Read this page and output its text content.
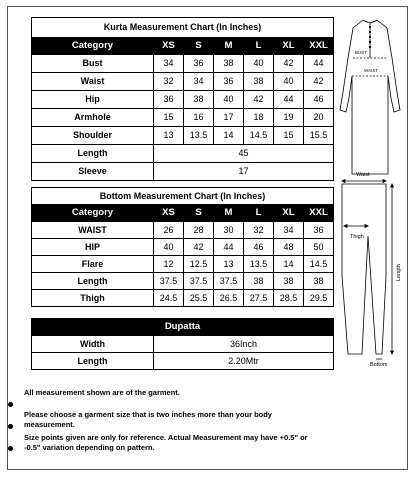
Kurta Measurement Chart (In Inches)						
Category	XS	S	M	L	XL	XXL
Bust	34	36	38	40	42	44
Waist	32	34	36	38	40	42
Hip	36	38	40	42	44	46
Armhole	15	16	17	18	19	20
Shoulder	13	13.5	14	14.5	15	15.5
Length	45					
Sleeve	17					
Bottom Measurement Chart (In Inches)						
Category	XS	S	M	L	XL	XXL
WAIST	26	28	30	32	34	36
HIP	40	42	44	46	48	50
Flare	12	12.5	13	13.5	14	14.5
Length	37.5	37.5	37.5	38	38	38
Thigh	24.5	25.5	26.5	27.5	28.5	29.5
Dupatta	
Width	36Inch
Length	2.20Mtr
BUST
WAIST
Waist
Thigh
Length
Bottom
All measurement shown are of the garment.
Please choose a garment size that is two inches more than your body measurement.
Size points given are only for reference. Actual Measurement may have +0.5" or -0.5" variation depending on pattern.
